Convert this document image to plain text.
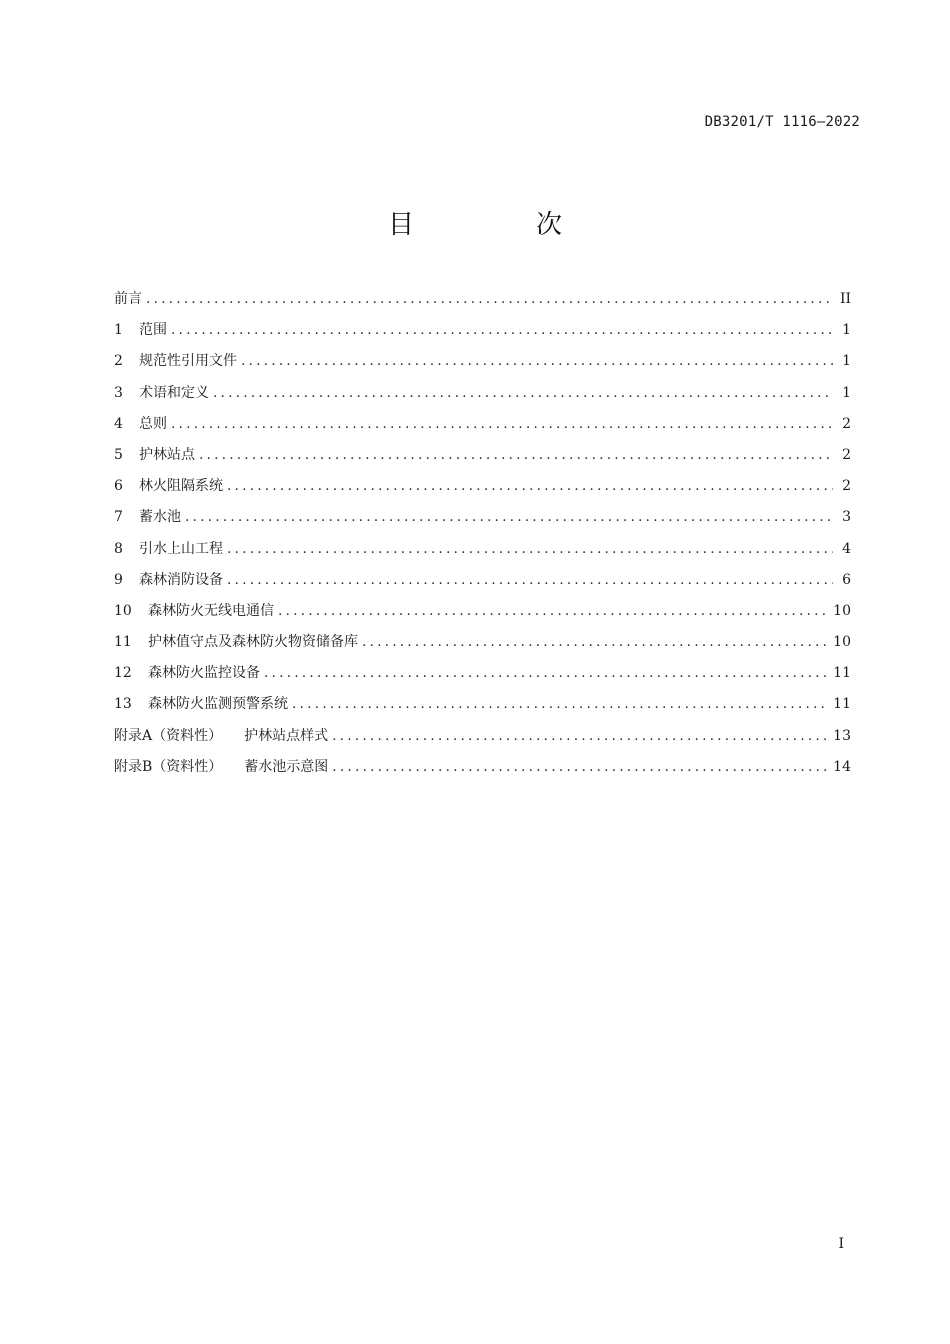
DB3201/T 1116—2022
目　次
前言 .....	II
1	范围 .....	1
2	规范性引用文件 .....	1
3	术语和定义 .....	1
4	总则 .....	2
5	护林站点 .....	2
6	林火阻隔系统 .....	2
7	蓄水池 .....	3
8	引水上山工程 .....	4
9	森林消防设备 .....	6
10	森林防火无线电通信 .....	10
11	护林值守点及森林防火物资储备库 .....	10
12	森林防火监控设备 .....	11
13	森林防火监测预警系统 .....	11
附录A（资料性） 护林站点样式 .....	13
附录B（资料性） 蓄水池示意图 .....	14
I
